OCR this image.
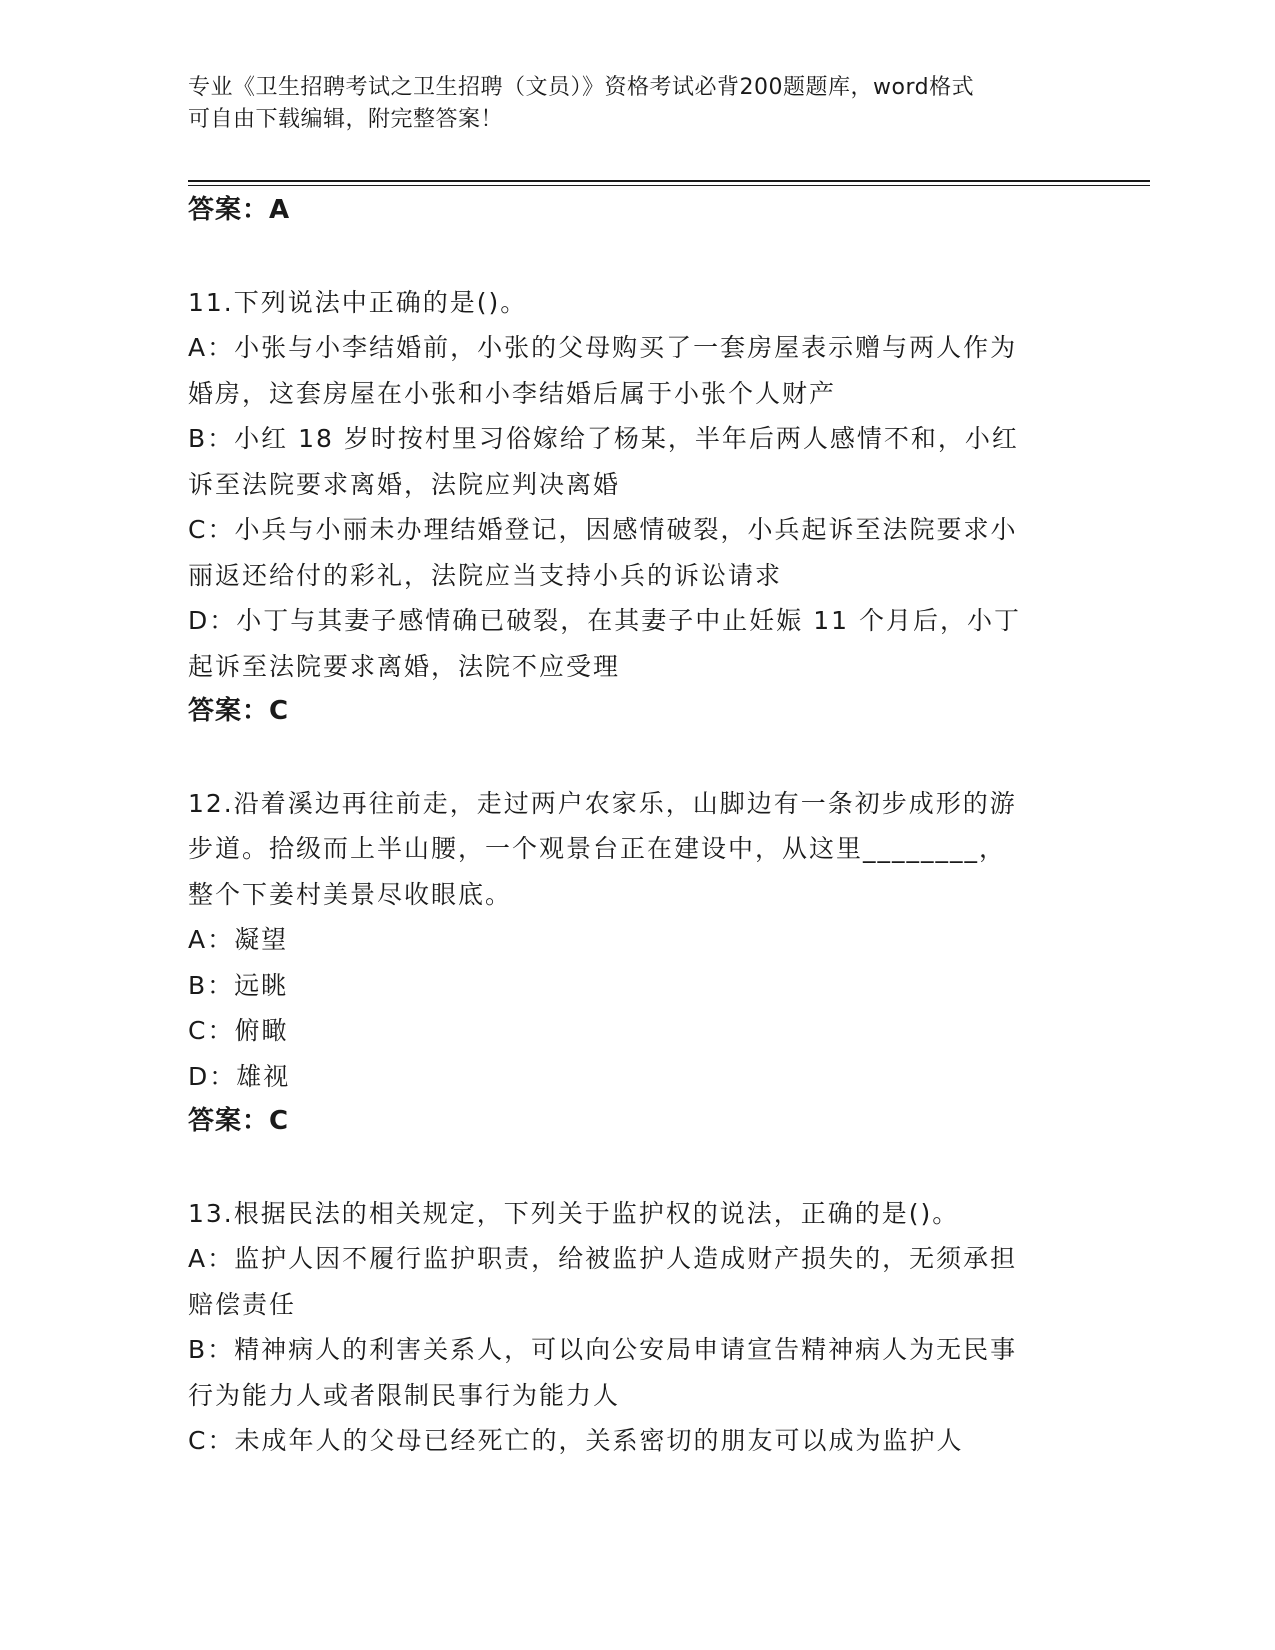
专业《卫生招聘考试之卫生招聘（文员）》资格考试必背200题题库，word格式
可自由下载编辑，附完整答案！
答案：A
11.下列说法中正确的是()。
A：小张与小李结婚前，小张的父母购买了一套房屋表示赠与两人作为
婚房，这套房屋在小张和小李结婚后属于小张个人财产
B：小红 18 岁时按村里习俗嫁给了杨某，半年后两人感情不和，小红
诉至法院要求离婚，法院应判决离婚
C：小兵与小丽未办理结婚登记，因感情破裂，小兵起诉至法院要求小
丽返还给付的彩礼，法院应当支持小兵的诉讼请求
D：小丁与其妻子感情确已破裂，在其妻子中止妊娠 11 个月后，小丁
起诉至法院要求离婚，法院不应受理
答案：C
12.沿着溪边再往前走，走过两户农家乐，山脚边有一条初步成形的游
步道。拾级而上半山腰，一个观景台正在建设中，从这里________，
整个下姜村美景尽收眼底。
A：凝望
B：远眺
C：俯瞰
D：雄视
答案：C
13.根据民法的相关规定，下列关于监护权的说法，正确的是()。
A：监护人因不履行监护职责，给被监护人造成财产损失的，无须承担
赔偿责任
B：精神病人的利害关系人，可以向公安局申请宣告精神病人为无民事
行为能力人或者限制民事行为能力人
C：未成年人的父母已经死亡的，关系密切的朋友可以成为监护人
